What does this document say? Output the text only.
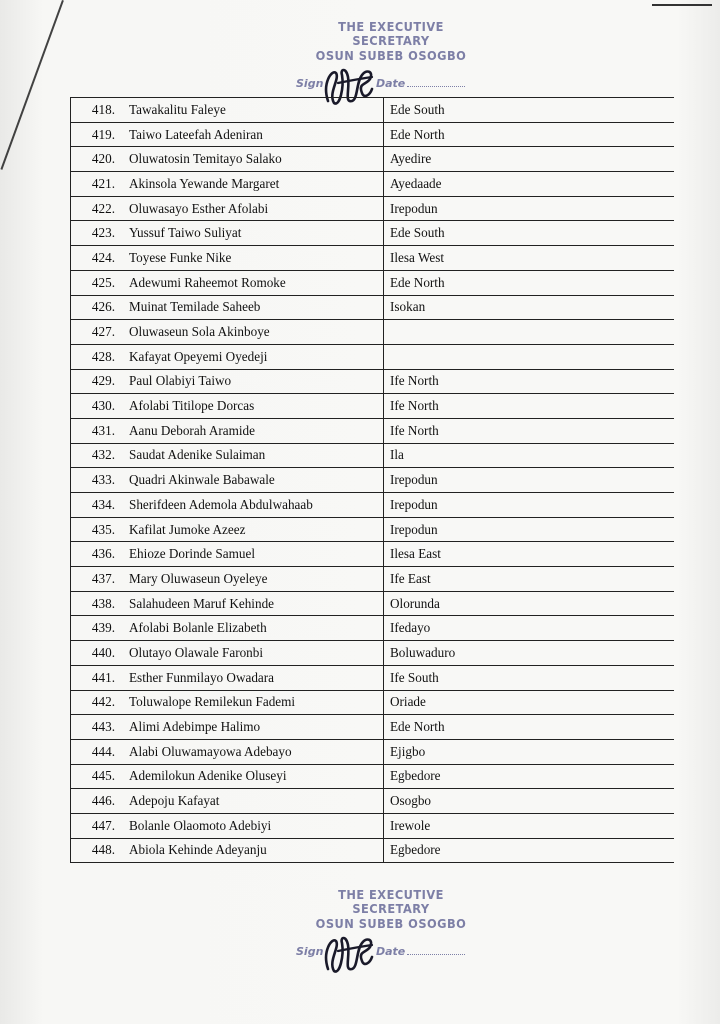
THE EXECUTIVE SECRETARY
OSUN SUBEB OSOGBO
Sign	Date
418.	Tawakalitu Faleye	Ede South
419.	Taiwo Lateefah Adeniran	Ede North
420.	Oluwatosin Temitayo Salako	Ayedire
421.	Akinsola Yewande Margaret	Ayedaade
422.	Oluwasayo Esther Afolabi	Irepodun
423.	Yussuf Taiwo Suliyat	Ede South
424.	Toyese Funke Nike	Ilesa West
425.	Adewumi Raheemot Romoke	Ede North
426.	Muinat Temilade Saheeb	Isokan
427.	Oluwaseun Sola Akinboye	
428.	Kafayat Opeyemi Oyedeji	
429.	Paul Olabiyi Taiwo	Ife North
430.	Afolabi Titilope Dorcas	Ife North
431.	Aanu Deborah Aramide	Ife North
432.	Saudat Adenike Sulaiman	Ila
433.	Quadri Akinwale Babawale	Irepodun
434.	Sherifdeen Ademola Abdulwahaab	Irepodun
435.	Kafilat Jumoke Azeez	Irepodun
436.	Ehioze Dorinde Samuel	Ilesa East
437.	Mary Oluwaseun Oyeleye	Ife East
438.	Salahudeen Maruf Kehinde	Olorunda
439.	Afolabi Bolanle Elizabeth	Ifedayo
440.	Olutayo Olawale Faronbi	Boluwaduro
441.	Esther Funmilayo Owadara	Ife South
442.	Toluwalope Remilekun Fademi	Oriade
443.	Alimi Adebimpe Halimo	Ede North
444.	Alabi Oluwamayowa Adebayo	Ejigbo
445.	Ademilokun Adenike Oluseyi	Egbedore
446.	Adepoju Kafayat	Osogbo
447.	Bolanle Olaomoto Adebiyi	Irewole
448.	Abiola Kehinde Adeyanju	Egbedore
THE EXECUTIVE SECRETARY
OSUN SUBEB OSOGBO
Sign	Date
